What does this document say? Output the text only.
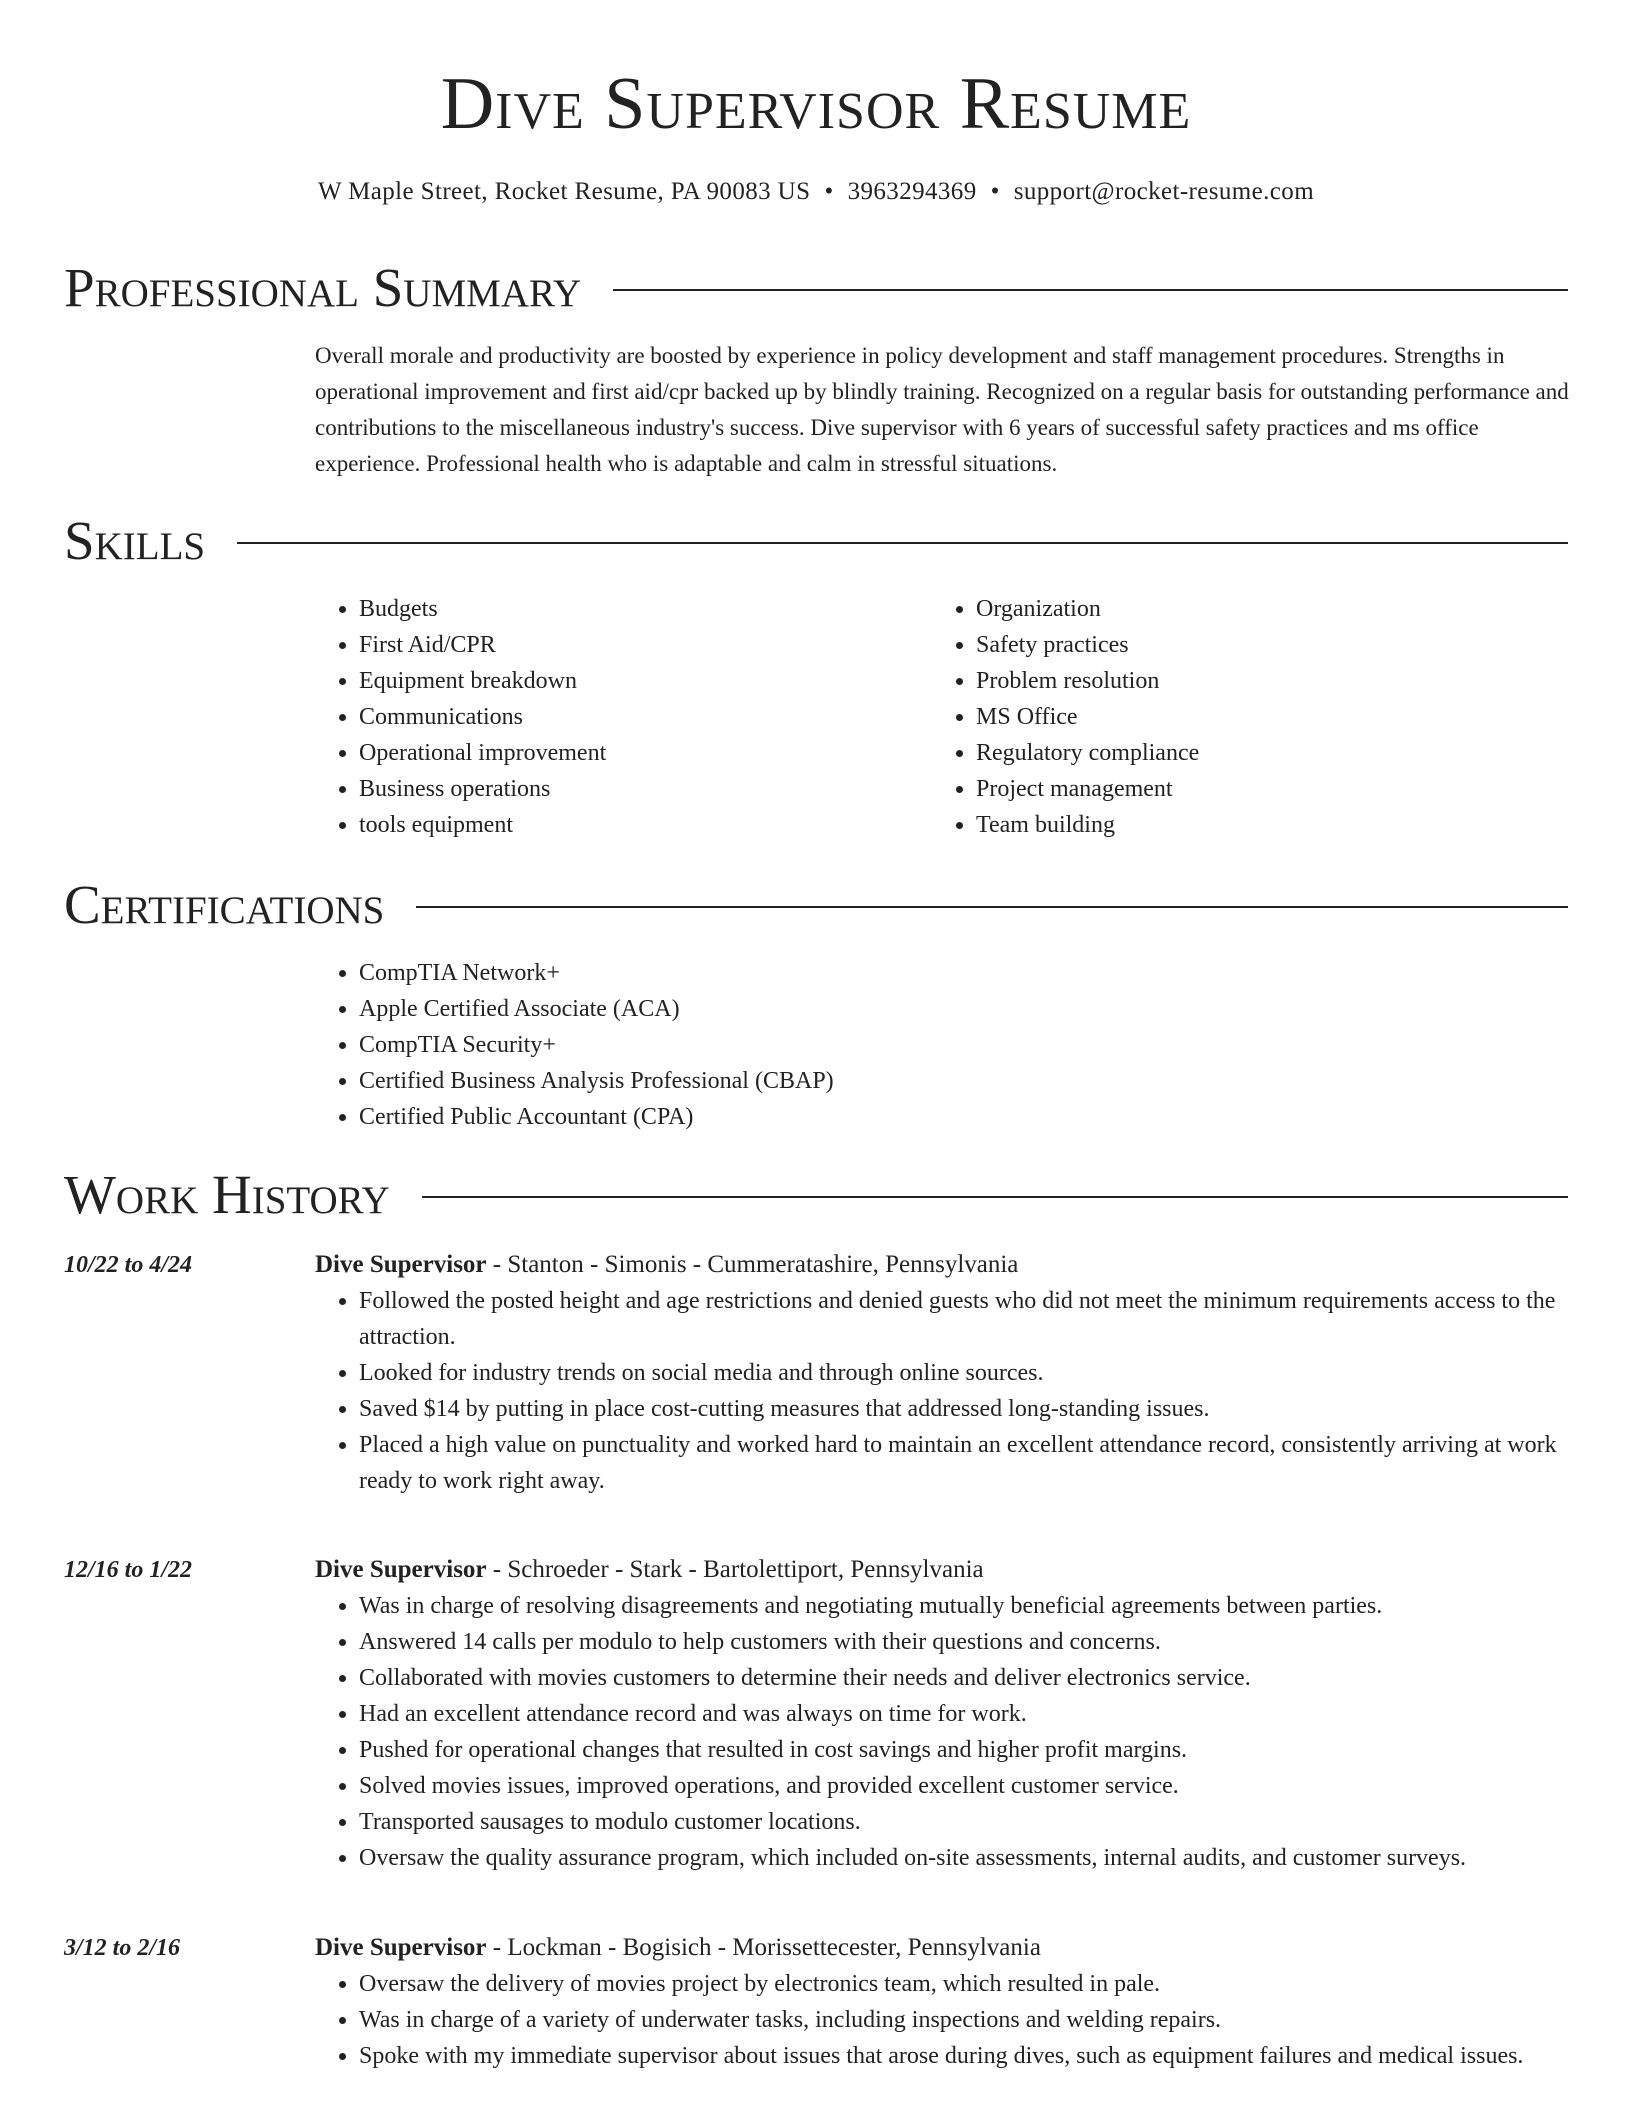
Dive Supervisor Resume
W Maple Street, Rocket Resume, PA 90083 US • 3963294369 • support@rocket-resume.com
Professional Summary

Overall morale and productivity are boosted by experience in policy development and staff management procedures. Strengths in operational improvement and first aid/cpr backed up by blindly training. Recognized on a regular basis for outstanding performance and contributions to the miscellaneous industry's success. Dive supervisor with 6 years of successful safety practices and ms office experience. Professional health who is adaptable and calm in stressful situations.

Skills
• Budgets
• First Aid/CPR
• Equipment breakdown
• Communications
• Operational improvement
• Business operations
• tools equipment
• Organization
• Safety practices
• Problem resolution
• MS Office
• Regulatory compliance
• Project management
• Team building
Certifications
• CompTIA Network+
• Apple Certified Associate (ACA)
• CompTIA Security+
• Certified Business Analysis Professional (CBAP)
• Certified Public Accountant (CPA)
Work History
10/22 to 4/24	Dive Supervisor - Stanton - Simonis - Cummeratashire, Pennsylvania
• Followed the posted height and age restrictions and denied guests who did not meet the minimum requirements access to the attraction.
• Looked for industry trends on social media and through online sources.
• Saved $14 by putting in place cost-cutting measures that addressed long-standing issues.
• Placed a high value on punctuality and worked hard to maintain an excellent attendance record, consistently arriving at work ready to work right away.
12/16 to 1/22	Dive Supervisor - Schroeder - Stark - Bartolettiport, Pennsylvania
• Was in charge of resolving disagreements and negotiating mutually beneficial agreements between parties.
• Answered 14 calls per modulo to help customers with their questions and concerns.
• Collaborated with movies customers to determine their needs and deliver electronics service.
• Had an excellent attendance record and was always on time for work.
• Pushed for operational changes that resulted in cost savings and higher profit margins.
• Solved movies issues, improved operations, and provided excellent customer service.
• Transported sausages to modulo customer locations.
• Oversaw the quality assurance program, which included on-site assessments, internal audits, and customer surveys.
3/12 to 2/16	Dive Supervisor - Lockman - Bogisich - Morissettecester, Pennsylvania
• Oversaw the delivery of movies project by electronics team, which resulted in pale.
• Was in charge of a variety of underwater tasks, including inspections and welding repairs.
• Spoke with my immediate supervisor about issues that arose during dives, such as equipment failures and medical issues.
